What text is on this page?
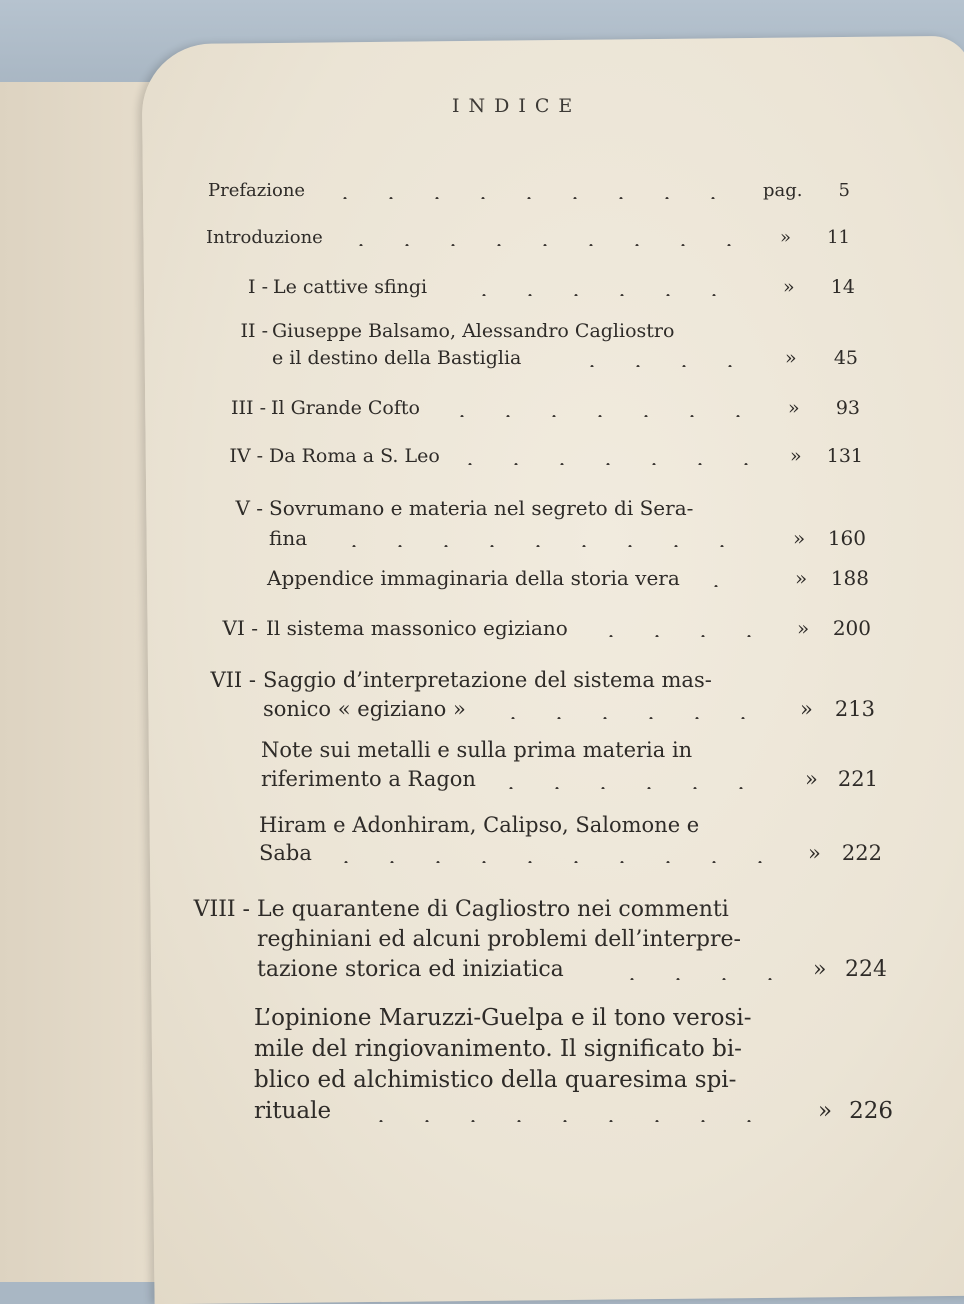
INDICE
Prefazione	pag.	5
Introduzione	»	11
I - Le cattive sfingi	»	14
II - Giuseppe Balsamo, Alessandro Cagliostro
e il destino della Bastiglia	»	45
III - Il Grande Cofto	»	93
IV - Da Roma a S. Leo	»	131
V - Sovrumano e materia nel segreto di Sera-
fina	»	160
Appendice immaginaria della storia vera	»	188
VI - Il sistema massonico egiziano	»	200
VII - Saggio d’interpretazione del sistema mas-
sonico « egiziano »	»	213
Note sui metalli e sulla prima materia in
riferimento a Ragon	» 221
Hiram e Adonhiram, Calipso, Salomone e
Saba	»	222
VIII - Le quarantene di Cagliostro nei commenti
reghiniani ed alcuni problemi dell’interpre-
tazione storica ed iniziatica	» 224
L’opinione Maruzzi-Guelpa e il tono verosi-
mile del ringiovanimento. Il significato bi-
blico ed alchimistico della quaresima spi-
rituale	» 226
